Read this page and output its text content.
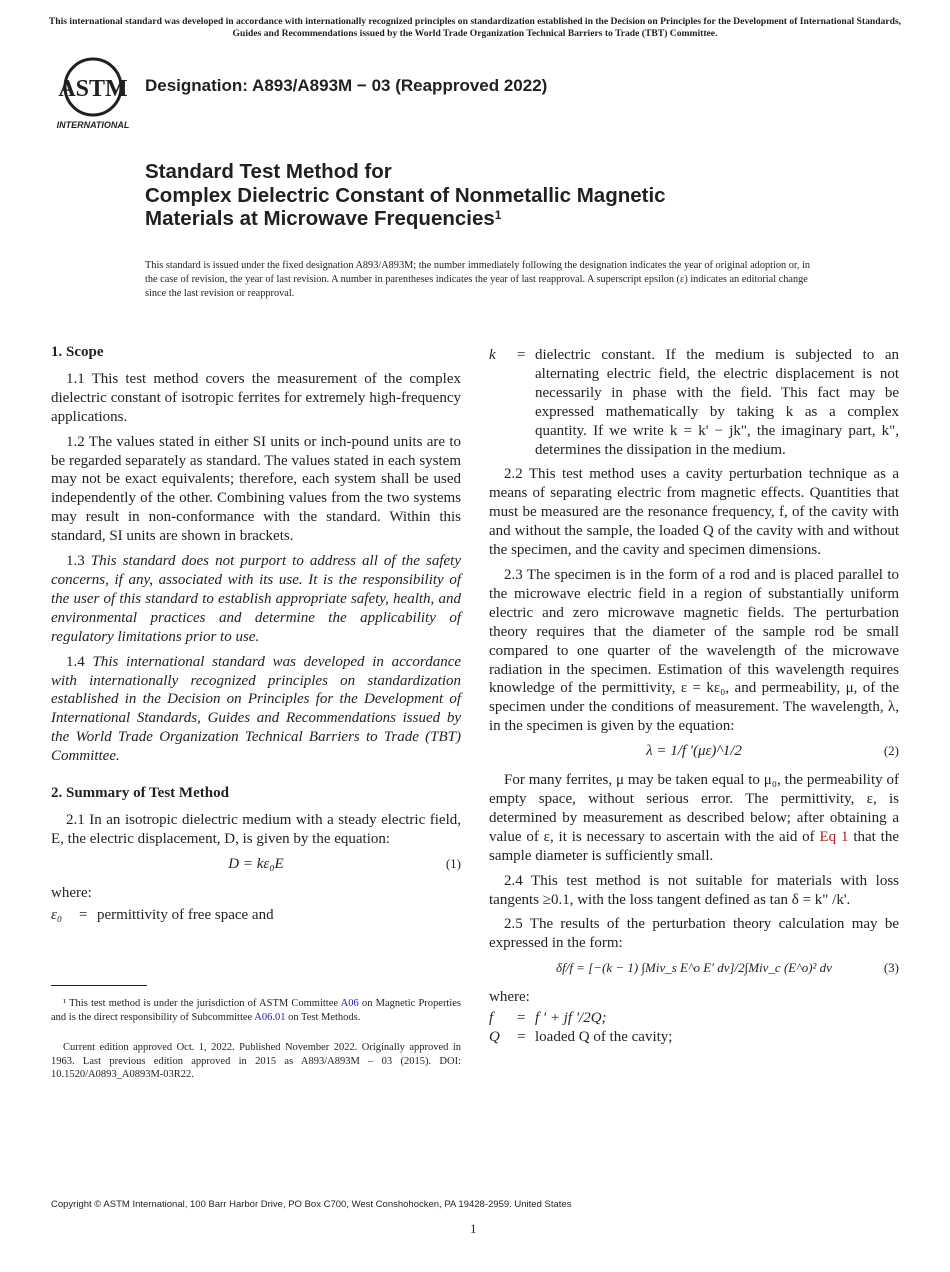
This international standard was developed in accordance with internationally recognized principles on standardization established in the Decision on Principles for the Development of International Standards, Guides and Recommendations issued by the World Trade Organization Technical Barriers to Trade (TBT) Committee.
ASTM
INTERNATIONAL
Designation: A893/A893M − 03 (Reapproved 2022)
Standard Test Method for
Complex Dielectric Constant of Nonmetallic Magnetic
Materials at Microwave Frequencies$^1$
This standard is issued under the fixed designation A893/A893M; the number immediately following the designation indicates the year of original adoption or, in the case of revision, the year of last revision. A number in parentheses indicates the year of last reapproval. A superscript epsilon (ε) indicates an editorial change since the last revision or reapproval.
1. Scope

1.1 This test method covers the measurement of the complex dielectric constant of isotropic ferrites for extremely high-frequency applications.

1.2 The values stated in either SI units or inch-pound units are to be regarded separately as standard. The values stated in each system may not be exact equivalents; therefore, each system shall be used independently of the other. Combining values from the two systems may result in non-conformance with the standard. Within this standard, SI units are shown in brackets.

1.3 This standard does not purport to address all of the safety concerns, if any, associated with its use. It is the responsibility of the user of this standard to establish appropriate safety, health, and environmental practices and determine the applicability of regulatory limitations prior to use.

1.4 This international standard was developed in accordance with internationally recognized principles on standardization established in the Decision on Principles for the Development of International Standards, Guides and Recommendations issued by the World Trade Organization Technical Barriers to Trade (TBT) Committee.

2. Summary of Test Method

2.1 In an isotropic dielectric medium with a steady electric field, E, the electric displacement, D, is given by the equation:

D = kε₀E	(1)
where:
ε₀ = permittivity of free space and
k = dielectric constant. If the medium is subjected to an alternating electric field, the electric displacement is not necessarily in phase with the field. This fact may be expressed mathematically by taking k as a complex quantity. If we write k = k' − jk", the imaginary part, k", determines the dissipation in the medium.

2.2 This test method uses a cavity perturbation technique as a means of separating electric from magnetic effects. Quantities that must be measured are the resonance frequency, f, of the cavity with and without the sample, the loaded Q of the cavity with and without the specimen, and the cavity and specimen dimensions.

2.3 The specimen is in the form of a rod and is placed parallel to the microwave electric field in a region of substantially uniform electric and zero microwave magnetic fields. The perturbation theory requires that the diameter of the sample rod be small compared to one quarter of the wavelength of the microwave radiation in the specimen. Estimation of this wavelength requires knowledge of the permittivity, ε = kε₀, and permeability, μ, of the specimen under the conditions of measurement. The wavelength, λ, in the specimen is given by the equation:

λ = 1/f '(με)^1/2	(2)

For many ferrites, μ may be taken equal to μ₀, the permeability of empty space, without serious error. The permittivity, ε, is determined by measurement as described below; after obtaining a value of ε, it is necessary to ascertain with the aid of Eq 1 that the sample diameter is sufficiently small.

2.4 This test method is not suitable for materials with loss tangents ≥0.1, with the loss tangent defined as tan δ = k" /k'.

2.5 The results of the perturbation theory calculation may be expressed in the form:

δf/f = [−(k − 1) ∫Miv_s E^o E' dv]/2∫Miv_c (E^o)² dv	(3)
where:
f = f ' + jf '/2Q;
Q = loaded Q of the cavity;
¹ This test method is under the jurisdiction of ASTM Committee A06 on Magnetic Properties and is the direct responsibility of Subcommittee A06.01 on Test Methods.
Current edition approved Oct. 1, 2022. Published November 2022. Originally approved in 1963. Last previous edition approved in 2015 as A893/A893M – 03 (2015). DOI: 10.1520/A0893_A0893M-03R22.
Copyright © ASTM International, 100 Barr Harbor Drive, PO Box C700, West Conshohocken, PA 19428-2959. United States
1
